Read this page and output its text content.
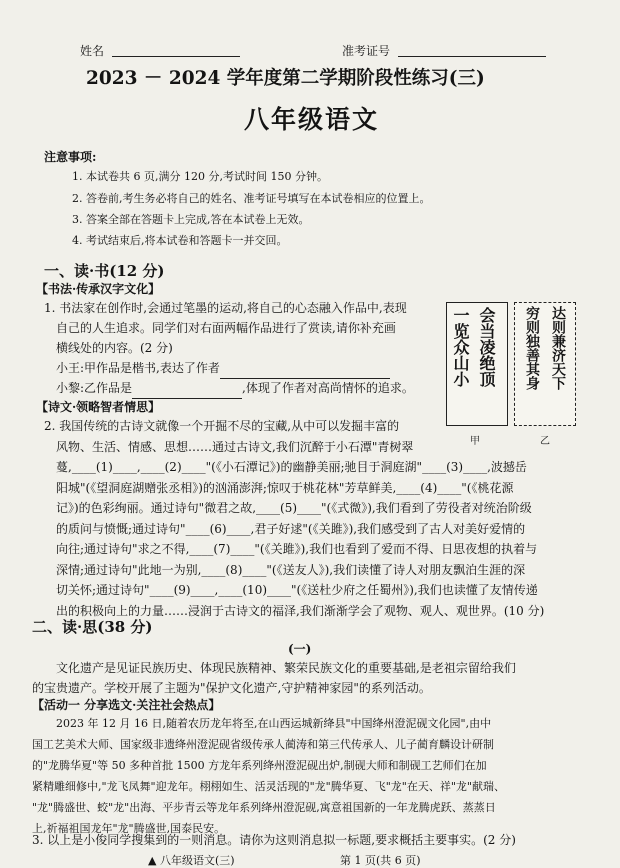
姓名	准考证号
2023 － 2024 学年度第二学期阶段性练习(三)
八年级语文
注意事项:
1. 本试卷共 6 页,满分 120 分,考试时间 150 分钟。
2. 答卷前,考生务必将自己的姓名、准考证号填写在本试卷相应的位置上。
3. 答案全部在答题卡上完成,答在本试卷上无效。
4. 考试结束后,将本试卷和答题卡一并交回。
一、读·书(12 分)
【书法·传承汉字文化】
1. 书法家在创作时,会通过笔墨的运动,将自己的心态融入作品中,表现
自己的人生追求。同学们对右面两幅作品进行了赏读,请你补充画
横线处的内容。(2 分)
小王:甲作品是楷书,表达了作者
小黎:乙作品是	,体现了作者对高尚情怀的追求。
会当凌绝顶
一览众山小
甲
达则兼济天下
穷则独善其身
乙
【诗文·领略智者情思】
2. 我国传统的古诗文就像一个开掘不尽的宝藏,从中可以发掘丰富的
风物、生活、情感、思想……通过古诗文,我们沉醉于小石潭"青树翠
蔓,____(1)____,____(2)____"(《小石潭记》)的幽静美丽;驰目于洞庭湖"____(3)____,波撼岳
阳城"(《望洞庭湖赠张丞相》)的汹涌澎湃;惊叹于桃花林"芳草鲜美,____(4)____"(《桃花源
记》)的色彩绚丽。通过诗句"微君之故,____(5)____"(《式微》),我们看到了劳役者对统治阶级
的质问与愤慨;通过诗句"____(6)____,君子好逑"(《关雎》),我们感受到了古人对美好爱情的
向往;通过诗句"求之不得,____(7)____"(《关雎》),我们也看到了爱而不得、日思夜想的执着与
深情;通过诗句"此地一为别,____(8)____"(《送友人》),我们读懂了诗人对朋友飘泊生涯的深
切关怀;通过诗句"____(9)____,____(10)____"(《送杜少府之任蜀州》),我们也读懂了友情传递
出的积极向上的力量……浸润于古诗文的福泽,我们渐渐学会了观物、观人、观世界。(10 分)
二、读·思(38 分)
(一)
文化遗产是见证民族历史、体现民族精神、繁荣民族文化的重要基础,是老祖宗留给我们
的宝贵遗产。学校开展了主题为"保护文化遗产,守护精神家园"的系列活动。
【活动一 分享选文·关注社会热点】
2023 年 12 月 16 日,随着农历龙年将至,在山西运城新绛县"中国绛州澄泥砚文化园",由中
国工艺美术大师、国家级非遗绛州澄泥砚省级传承人蔺涛和第三代传承人、儿子蔺育麟设计研制
的"龙腾华夏"等 50 多种首批 1500 方龙年系列绛州澄泥砚出炉,制砚大师和制砚工艺师们在加
紧精雕细修中,"龙飞凤舞"迎龙年。栩栩如生、活灵活现的"龙"腾华夏、飞"龙"在天、祥"龙"献瑞、
"龙"腾盛世、蛟"龙"出海、平步青云等龙年系列绛州澄泥砚,寓意祖国新的一年龙腾虎跃、蒸蒸日
上,祈福祖国龙年"龙"腾盛世,国泰民安。
3. 以上是小俊同学搜集到的一则消息。请你为这则消息拟一标题,要求概括主要事实。(2 分)
▲ 八年级语文(三)	第 1 页(共 6 页)
